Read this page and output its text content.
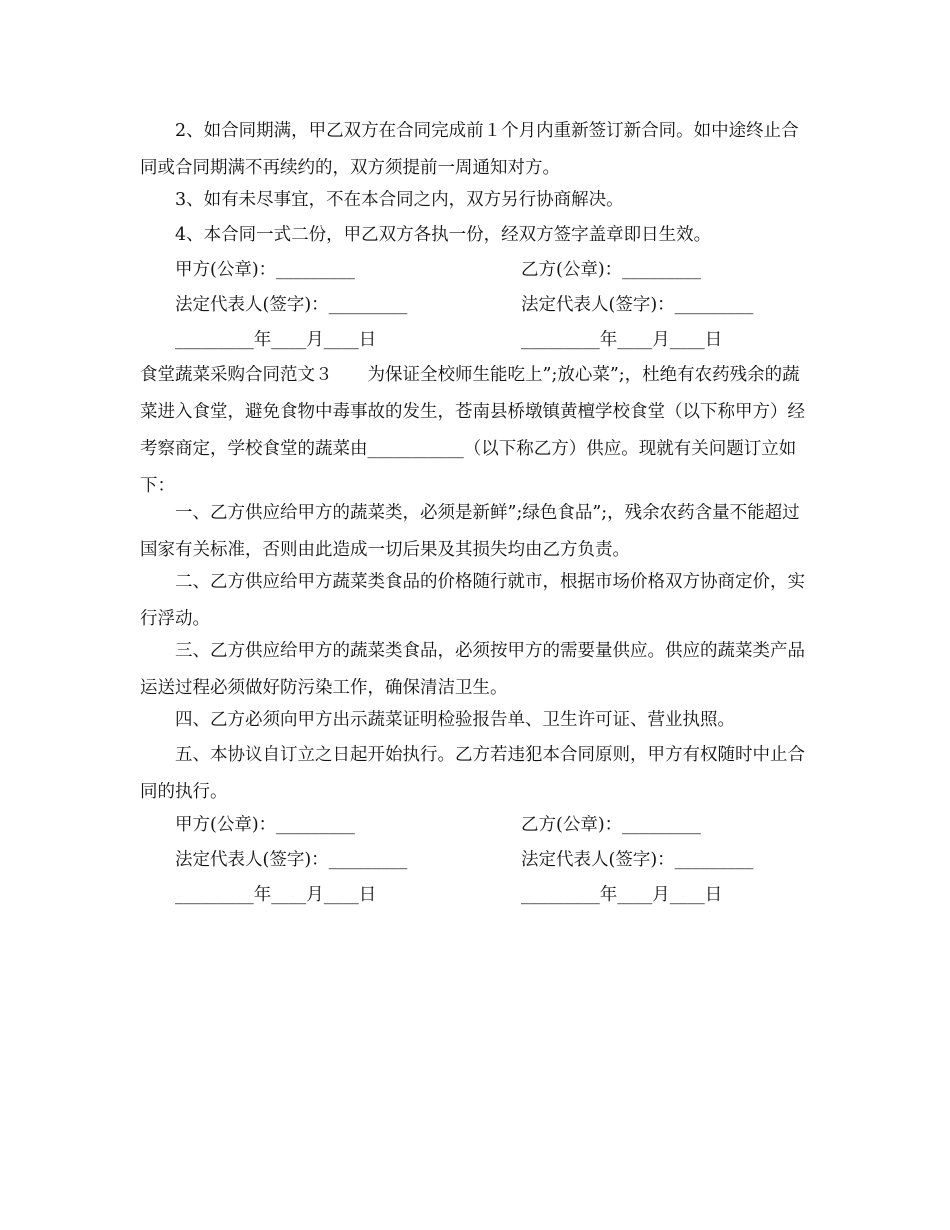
2、如合同期满，甲乙双方在合同完成前１个月内重新签订新合同。如中途终止合同或合同期满不再续约的，双方须提前一周通知对方。

3、如有未尽事宜，不在本合同之内，双方另行协商解决。

4、本合同一式二份，甲乙双方各执一份，经双方签字盖章即日生效。

甲方(公章)：_________	乙方(公章)：_________

法定代表人(签字)：_________	法定代表人(签字)：_________

_________年____月____日	_________年____月____日

食堂蔬菜采购合同范文３　　为保证全校师生能吃上”;放心菜”;，杜绝有农药残余的蔬菜进入食堂，避免食物中毒事故的发生，苍南县桥墩镇黄檀学校食堂（以下称甲方）经考察商定，学校食堂的蔬菜由___________（以下称乙方）供应。现就有关问题订立如下：

一、乙方供应给甲方的蔬菜类，必须是新鲜”;绿色食品”;，残余农药含量不能超过国家有关标准，否则由此造成一切后果及其损失均由乙方负责。

二、乙方供应给甲方蔬菜类食品的价格随行就市，根据市场价格双方协商定价，实行浮动。

三、乙方供应给甲方的蔬菜类食品，必须按甲方的需要量供应。供应的蔬菜类产品运送过程必须做好防污染工作，确保清洁卫生。

四、乙方必须向甲方出示蔬菜证明检验报告单、卫生许可证、营业执照。

五、本协议自订立之日起开始执行。乙方若违犯本合同原则，甲方有权随时中止合同的执行。

甲方(公章)：_________	乙方(公章)：_________

法定代表人(签字)：_________	法定代表人(签字)：_________

_________年____月____日	_________年____月____日
